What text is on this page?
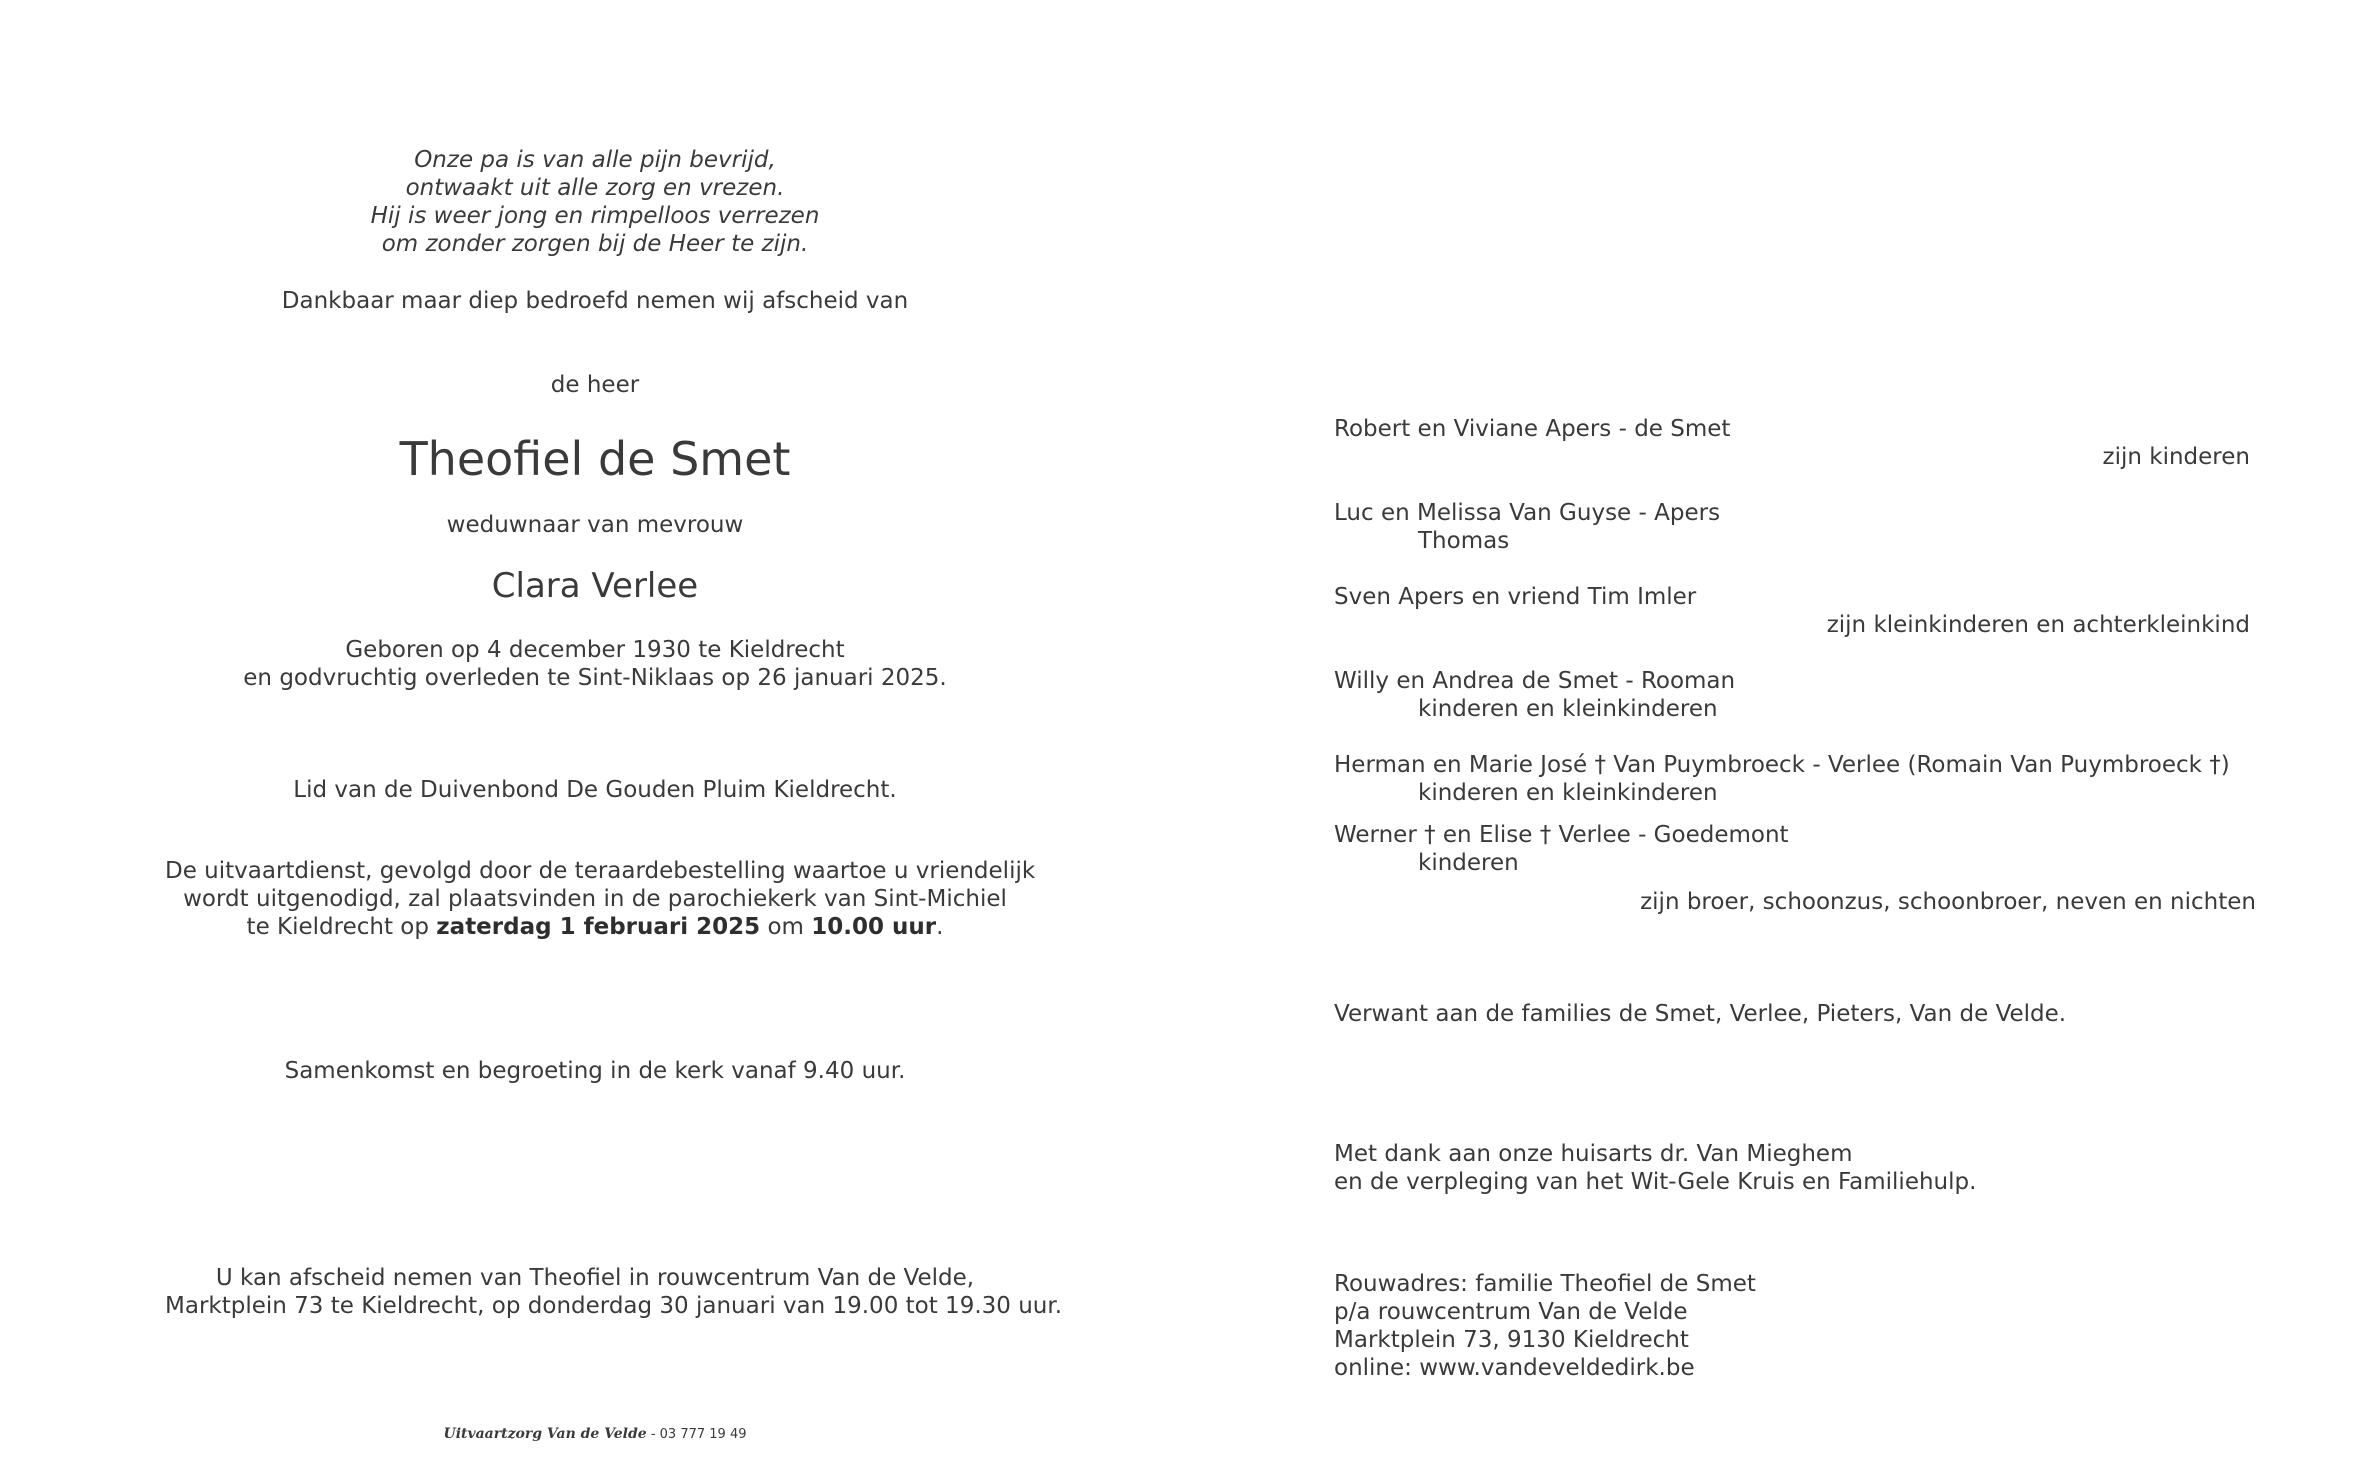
Onze pa is van alle pijn bevrijd,
ontwaakt uit alle zorg en vrezen.
Hij is weer jong en rimpelloos verrezen
om zonder zorgen bij de Heer te zijn.
Dankbaar maar diep bedroefd nemen wij afscheid van
de heer
Theofiel de Smet
weduwnaar van mevrouw
Clara Verlee
Geboren op 4 december 1930 te Kieldrecht
en godvruchtig overleden te Sint-Niklaas op 26 januari 2025.
Lid van de Duivenbond De Gouden Pluim Kieldrecht.
De uitvaartdienst, gevolgd door de teraardebestelling waartoe u vriendelijk
wordt uitgenodigd, zal plaatsvinden in de parochiekerk van Sint-Michiel
te Kieldrecht op zaterdag 1 februari 2025 om 10.00 uur.
Samenkomst en begroeting in de kerk vanaf 9.40 uur.
U kan afscheid nemen van Theofiel in rouwcentrum Van de Velde,
Marktplein 73 te Kieldrecht, op donderdag 30 januari van 19.00 tot 19.30 uur.
Uitvaartzorg Van de Velde - 03 777 19 49
Robert en Viviane Apers - de Smet
zijn kinderen
Luc en Melissa Van Guyse - Apers
Thomas
Sven Apers en vriend Tim Imler
zijn kleinkinderen en achterkleinkind
Willy en Andrea de Smet - Rooman
kinderen en kleinkinderen
Herman en Marie José † Van Puymbroeck - Verlee (Romain Van Puymbroeck †)
kinderen en kleinkinderen
Werner † en Elise † Verlee - Goedemont
kinderen
zijn broer, schoonzus, schoonbroer, neven en nichten
Verwant aan de families de Smet, Verlee, Pieters, Van de Velde.
Met dank aan onze huisarts dr. Van Mieghem
en de verpleging van het Wit-Gele Kruis en Familiehulp.
Rouwadres: familie Theofiel de Smet
p/a rouwcentrum Van de Velde
Marktplein 73, 9130 Kieldrecht
online: www.vandeveldedirk.be
